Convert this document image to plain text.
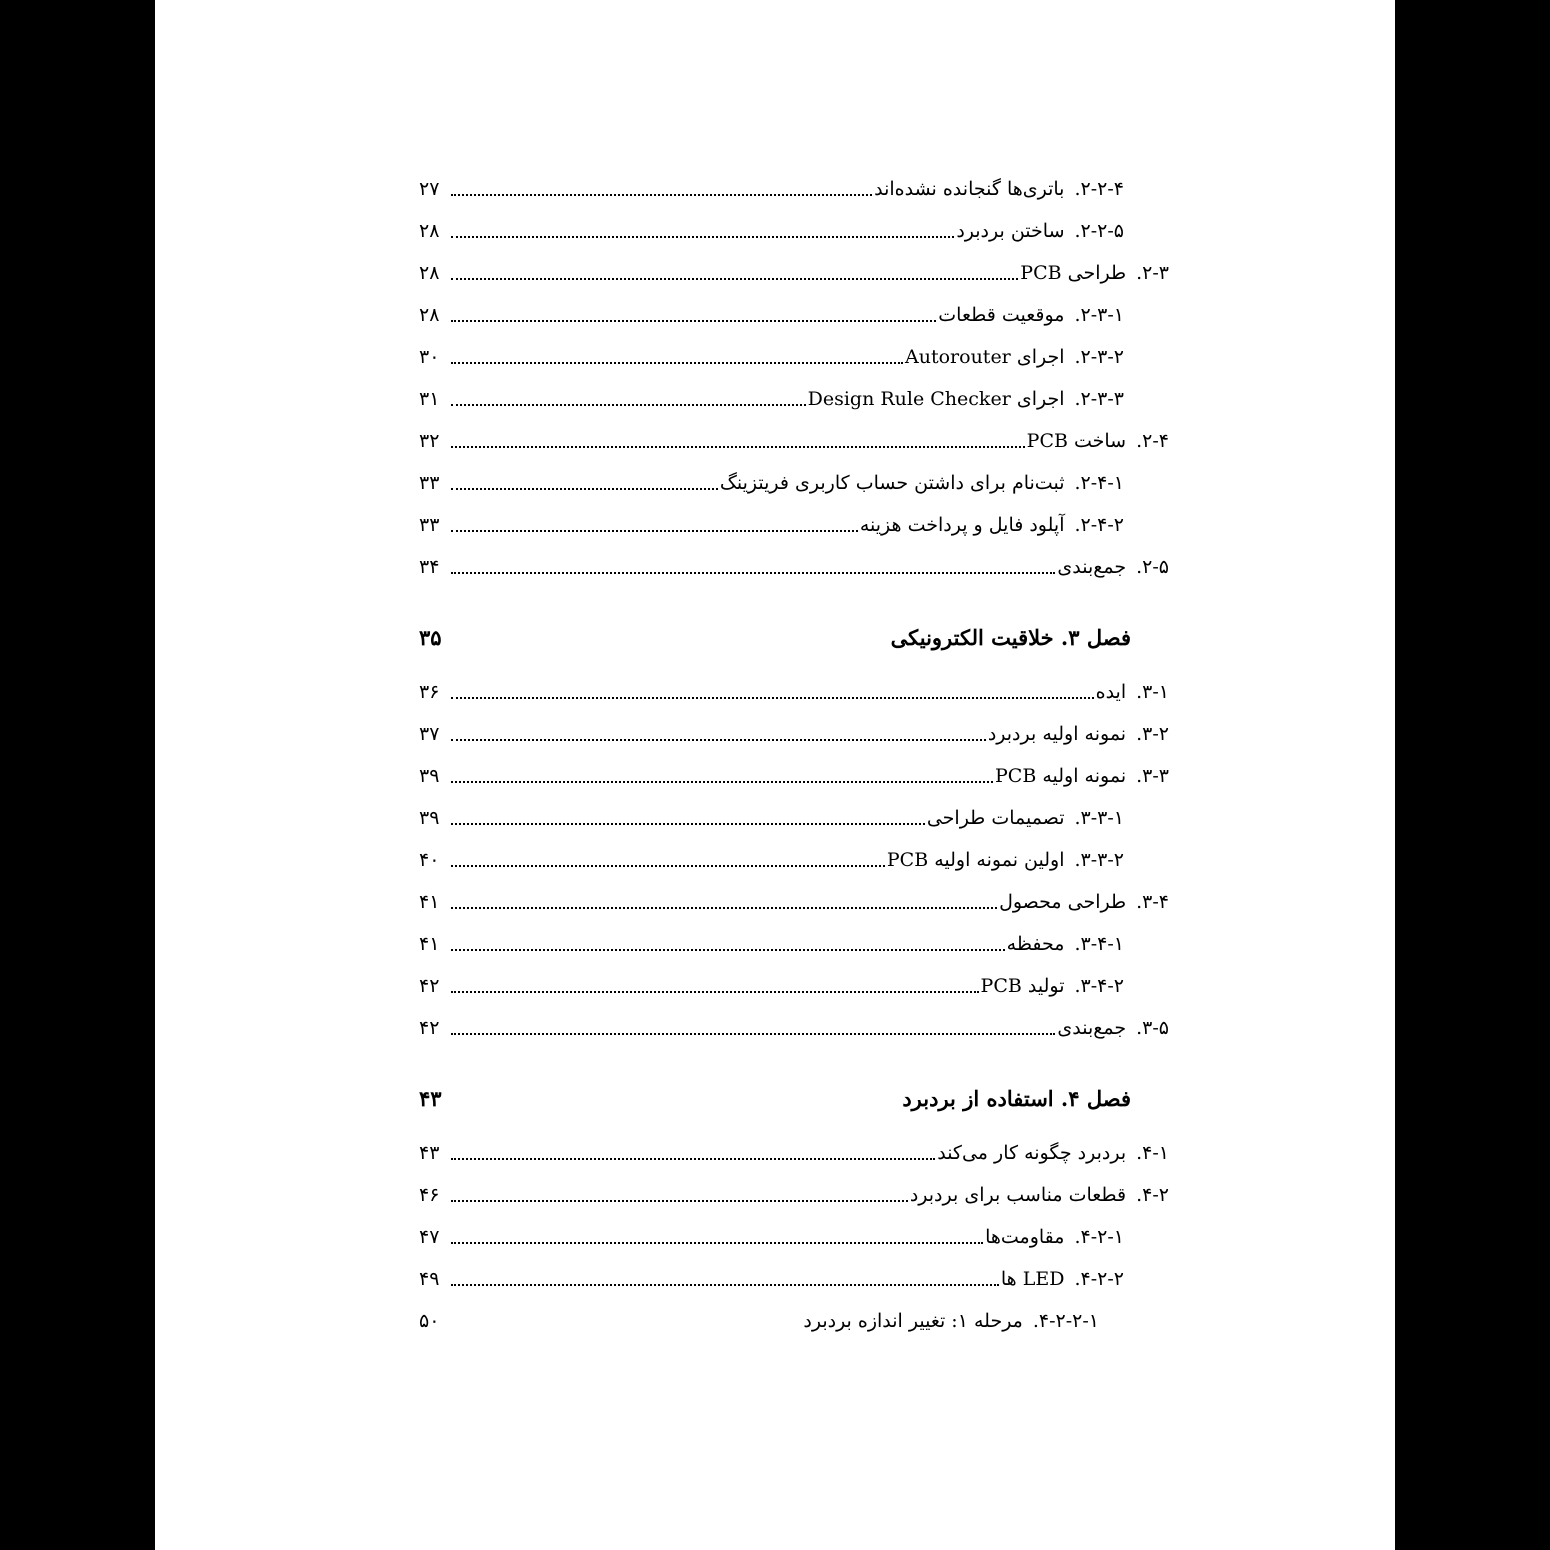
۲۷	باتری‌ها گنجانده نشده‌اند ۲-۲-۴.
۲۸	ساختن بردبرد ۲-۲-۵.
۲۸	طراحی PCB ۲-۳.
۲۸	موقعیت قطعات ۲-۳-۱.
۳۰	اجرای Autorouter ۲-۳-۲.
۳۱	اجرای Design Rule Checker ۲-۳-۳.
۳۲	ساخت PCB ۲-۴.
۳۳	ثبت‌نام برای داشتن حساب کاربری فریتزینگ ۲-۴-۱.
۳۳	آپلود فایل و پرداخت هزینه ۲-۴-۲.
۳۴	جمع‌بندی ۲-۵.
۳۵	فصل ۳. خلاقیت الکترونیکی
۳۶	ایده ۳-۱.
۳۷	نمونه اولیه بردبرد ۳-۲.
۳۹	نمونه اولیه PCB ۳-۳.
۳۹	تصمیمات طراحی ۳-۳-۱.
۴۰	اولین نمونه اولیه PCB ۳-۳-۲.
۴۱	طراحی محصول ۳-۴.
۴۱	محفظه ۳-۴-۱.
۴۲	تولید PCB ۳-۴-۲.
۴۲	جمع‌بندی ۳-۵.
۴۳	فصل ۴. استفاده از بردبرد
۴۳	بردبرد چگونه کار می‌کند ۴-۱.
۴۶	قطعات مناسب برای بردبرد ۴-۲.
۴۷	مقاومت‌ها ۴-۲-۱.
۴۹	LED ها ۴-۲-۲.
۵۰	مرحله ۱: تغییر اندازه بردبرد ۴-۲-۲-۱.
